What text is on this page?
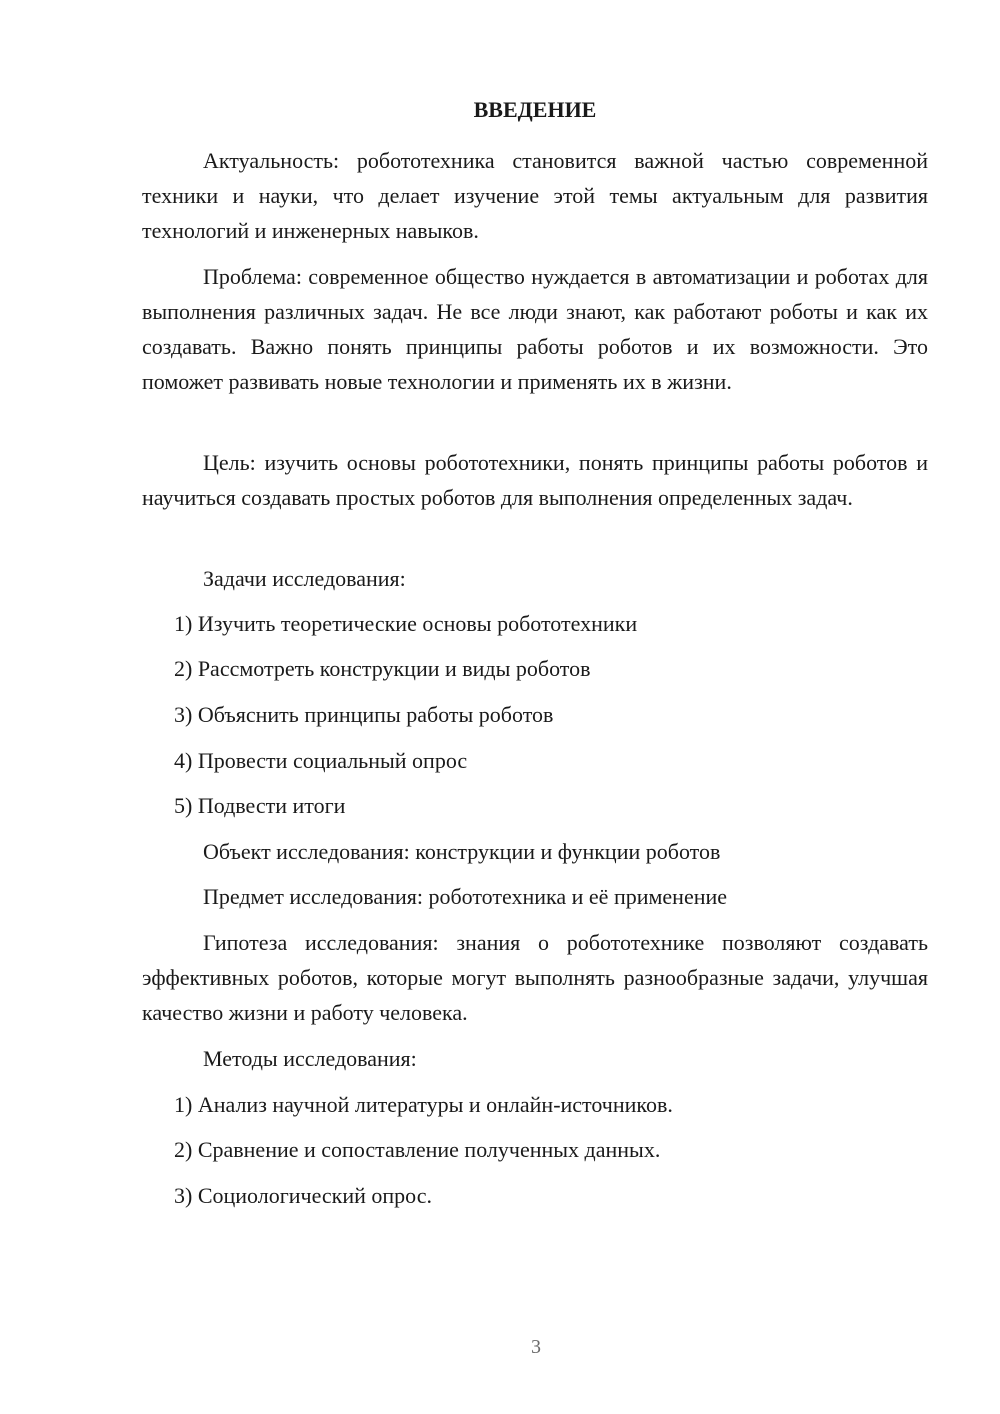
ВВЕДЕНИЕ

Актуальность: робототехника становится важной частью современной техники и науки, что делает изучение этой темы актуальным для развития технологий и инженерных навыков.

Проблема: современное общество нуждается в автоматизации и роботах для выполнения различных задач. Не все люди знают, как работают роботы и как их создавать. Важно понять принципы работы роботов и их возможности. Это поможет развивать новые технологии и применять их в жизни.

Цель: изучить основы робототехники, понять принципы работы роботов и научиться создавать простых роботов для выполнения определенных задач.

Задачи исследования:

1) Изучить теоретические основы робототехники

2) Рассмотреть конструкции и виды роботов

3) Объяснить принципы работы роботов

4) Провести социальный опрос

5) Подвести итоги

Объект исследования: конструкции и функции роботов

Предмет исследования: робототехника и её применение

Гипотеза исследования: знания о робототехнике позволяют создавать эффективных роботов, которые могут выполнять разнообразные задачи, улучшая качество жизни и работу человека.

Методы исследования:

1) Анализ научной литературы и онлайн-источников.

2) Сравнение и сопоставление полученных данных.

3) Социологический опрос.

3
